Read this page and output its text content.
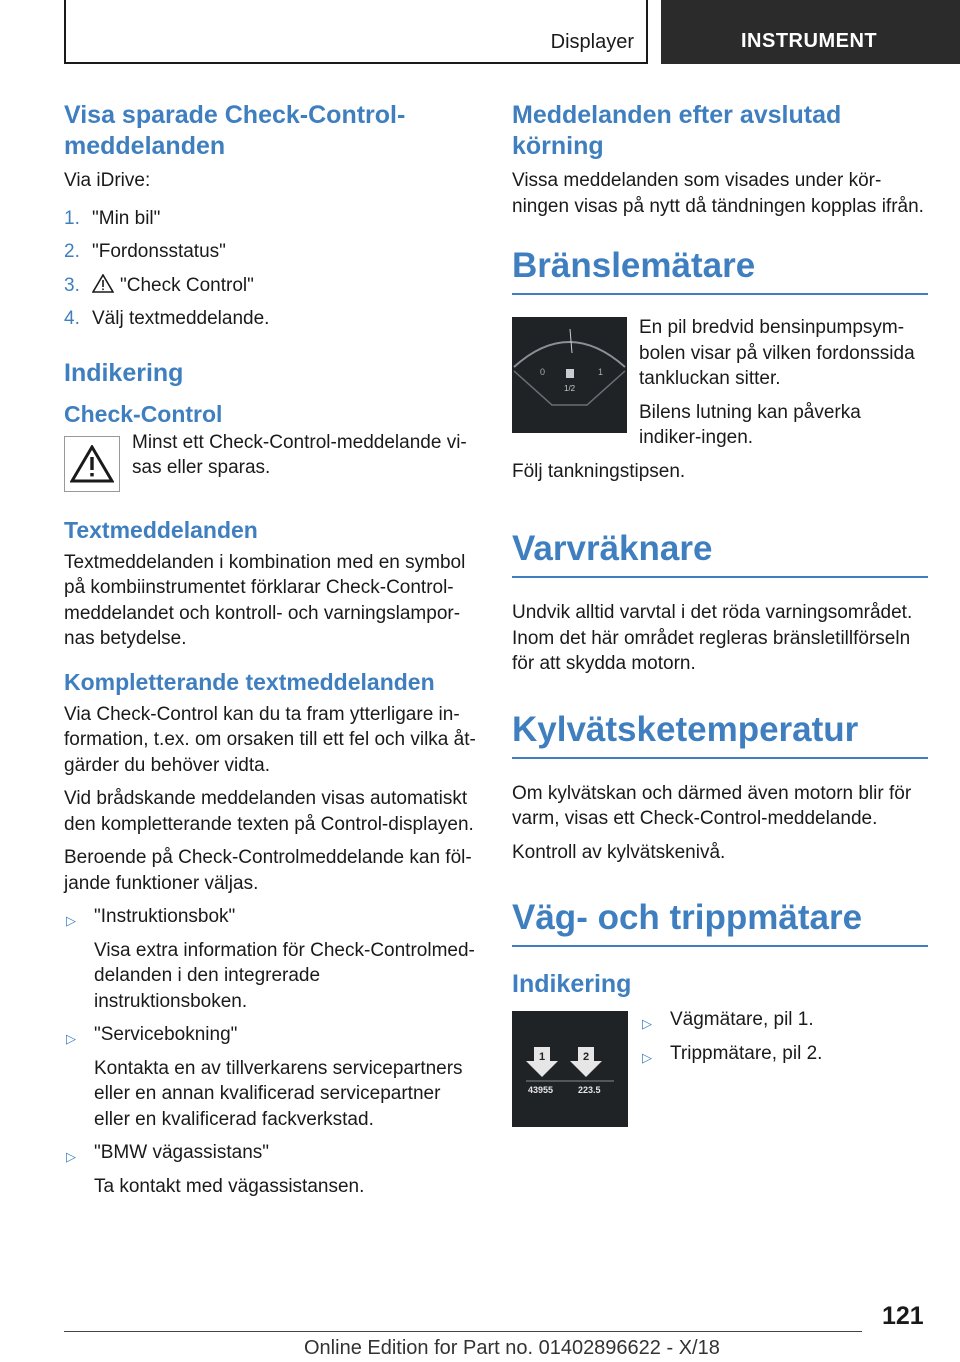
Displayer	INSTRUMENT
Visa sparade Check-Control-meddelanden

Via iDrive:

1. "Min bil"
2. "Fordonsstatus"
3. "Check Control"
4. Välj textmeddelande.
Indikering
Check-Control

Minst ett Check-Control-meddelande vi-sas eller sparas.

Textmeddelanden

Textmeddelanden i kombination med en symbol på kombiinstrumentet förklarar Check-Control-meddelandet och kontroll- och varningslampor-nas betydelse.

Kompletterande textmeddelanden

Via Check-Control kan du ta fram ytterligare in-formation, t.ex. om orsaken till ett fel och vilka åt-gärder du behöver vidta.

Vid brådskande meddelanden visas automatiskt den kompletterande texten på Control-displayen.

Beroende på Check-Controlmeddelande kan föl-jande funktioner väljas.

▷ "Instruktionsbok"
Visa extra information för Check-Controlmed-delanden i den integrerade instruktionsboken.
▷ "Servicebokning"
Kontakta en av tillverkarens servicepartners eller en annan kvalificerad servicepartner eller en kvalificerad fackverkstad.
▷ "BMW vägassistans"
Ta kontakt med vägassistansen.
Meddelanden efter avslutad körning

Vissa meddelanden som visades under kör-ningen visas på nytt då tändningen kopplas ifrån.

Bränslemätare
0	1
1/2

En pil bredvid bensinpumpsym-bolen visar på vilken fordonssida tankluckan sitter.

Bilens lutning kan påverka indiker-ingen.

Följ tankningstipsen.

Varvräknare

Undvik alltid varvtal i det röda varningsområdet. Inom det här området regleras bränsletillförseln för att skydda motorn.

Kylvätsketemperatur

Om kylvätskan och därmed även motorn blir för varm, visas ett Check-Control-meddelande.

Kontroll av kylvätskenivå.

Väg- och trippmätare
Indikering
1	2
43955	223.5
▷ Vägmätare, pil 1.
▷ Trippmätare, pil 2.
121
Online Edition for Part no. 01402896622 - X/18
